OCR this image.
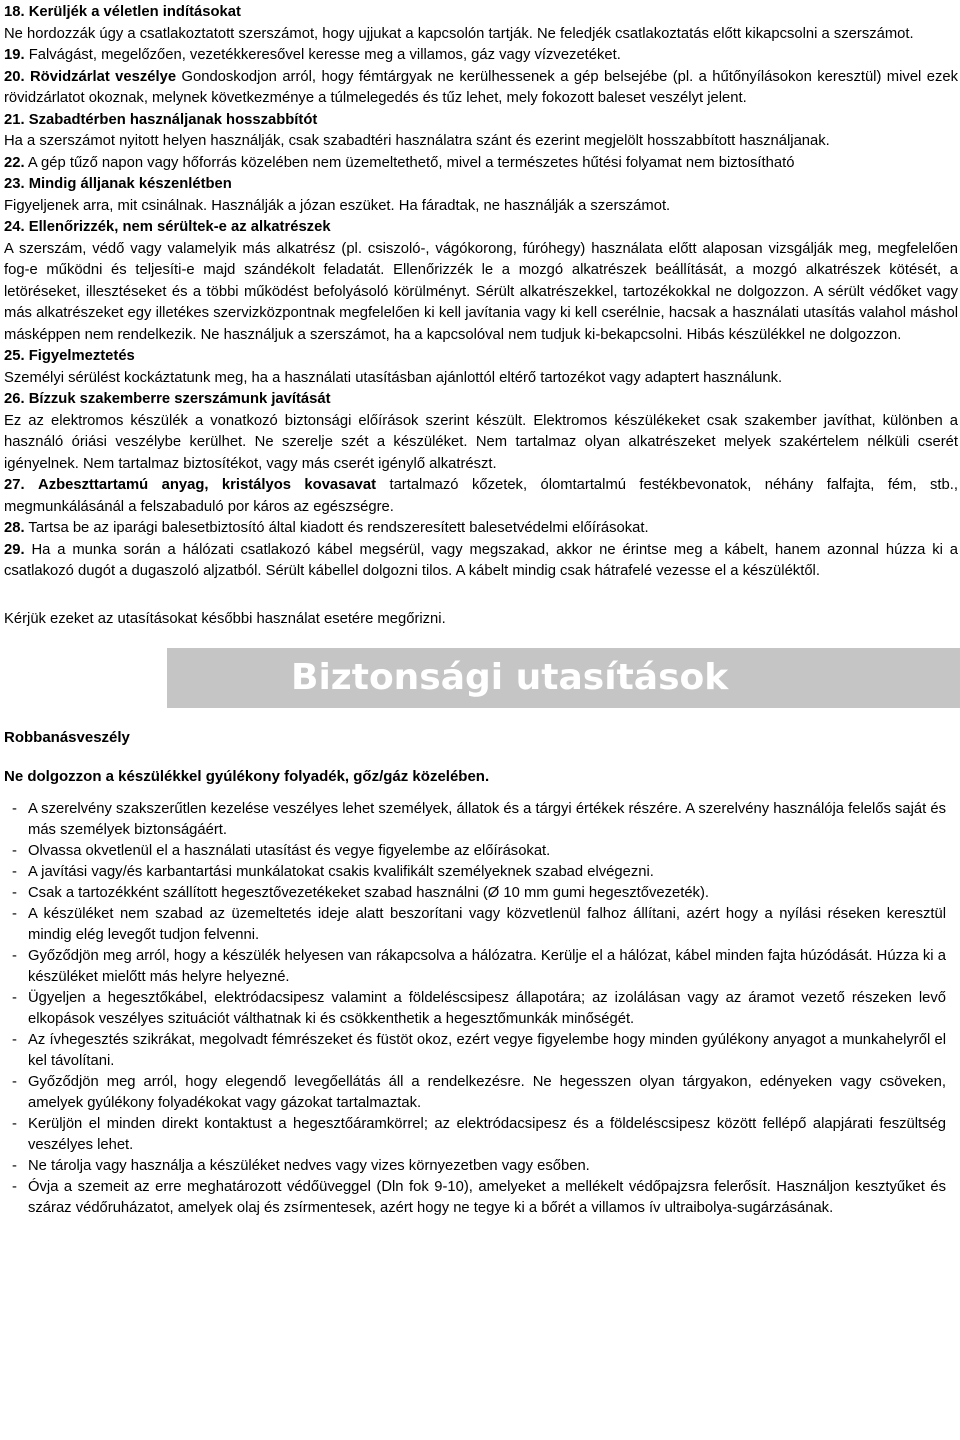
18. Kerüljék a véletlen indításokat

Ne hordozzák úgy a csatlakoztatott szerszámot, hogy ujjukat a kapcsolón tartják. Ne feledjék csatlakoztatás előtt kikapcsolni a szerszámot.

19. Falvágást, megelőzően, vezetékkeresővel keresse meg a villamos, gáz vagy vízvezetéket.

20. Rövidzárlat veszélye Gondoskodjon arról, hogy fémtárgyak ne kerülhessenek a gép belsejébe (pl. a hűtőnyílásokon keresztül) mivel ezek rövidzárlatot okoznak, melynek következménye a túlmelegedés és tűz lehet, mely fokozott baleset veszélyt jelent.

21. Szabadtérben használjanak hosszabbítót

Ha a szerszámot nyitott helyen használják, csak szabadtéri használatra szánt és ezerint megjelölt hosszabbított használjanak.

22. A gép tűző napon vagy hőforrás közelében nem üzemeltethető, mivel a természetes hűtési folyamat nem biztosítható

23. Mindig álljanak készenlétben

Figyeljenek arra, mit csinálnak. Használják a józan eszüket. Ha fáradtak, ne használják a szerszámot.

24. Ellenőrizzék, nem sérültek-e az alkatrészek

A szerszám, védő vagy valamelyik más alkatrész (pl. csiszoló-, vágókorong, fúróhegy) használata előtt alaposan vizsgálják meg, megfelelően fog-e működni és teljesíti-e majd szándékolt feladatát. Ellenőrizzék le a mozgó alkatrészek beállítását, a mozgó alkatrészek kötését, a letöréseket, illesztéseket és a többi működést befolyásoló körülményt. Sérült alkatrészekkel, tartozékokkal ne dolgozzon. A sérült védőket vagy más alkatrészeket egy illetékes szervizközpontnak megfelelően ki kell javítania vagy ki kell cserélnie, hacsak a használati utasítás valahol máshol másképpen nem rendelkezik. Ne használjuk a szerszámot, ha a kapcsolóval nem tudjuk ki-bekapcsolni. Hibás készülékkel ne dolgozzon.

25. Figyelmeztetés

Személyi sérülést kockáztatunk meg, ha a használati utasításban ajánlottól eltérő tartozékot vagy adaptert használunk.

26. Bízzuk szakemberre szerszámunk javítását

Ez az elektromos készülék a vonatkozó biztonsági előírások szerint készült. Elektromos készülékeket csak szakember javíthat, különben a használó óriási veszélybe kerülhet. Ne szerelje szét a készüléket. Nem tartalmaz olyan alkatrészeket melyek szakértelem nélküli cserét igényelnek. Nem tartalmaz biztosítékot, vagy más cserét igénylő alkatrészt.

27. Azbeszttartamú anyag, kristályos kovasavat tartalmazó kőzetek, ólomtartalmú festékbevonatok, néhány falfajta, fém, stb., megmunkálásánál a felszabaduló por káros az egészségre.

28. Tartsa be az iparági balesetbiztosító által kiadott és rendszeresített balesetvédelmi előírásokat.

29. Ha a munka során a hálózati csatlakozó kábel megsérül, vagy megszakad, akkor ne érintse meg a kábelt, hanem azonnal húzza ki a csatlakozó dugót a dugaszoló aljzatból. Sérült kábellel dolgozni tilos. A kábelt mindig csak hátrafelé vezesse el a készüléktől.

Kérjük ezeket az utasításokat későbbi használat esetére megőrizni.

Biztonsági utasítások
Robbanásveszély
Ne dolgozzon a készülékkel gyúlékony folyadék, gőz/gáz közelében.
- A szerelvény szakszerűtlen kezelése veszélyes lehet személyek, állatok és a tárgyi értékek részére. A szerelvény használója felelős saját és más személyek biztonságáért.
- Olvassa okvetlenül el a használati utasítást és vegye figyelembe az előírásokat.
- A javítási vagy/és karbantartási munkálatokat csakis kvalifikált személyeknek szabad elvégezni.
- Csak a tartozékként szállított hegesztővezetékeket szabad használni (Ø 10 mm gumi hegesztővezeték).
- A készüléket nem szabad az üzemeltetés ideje alatt beszorítani vagy közvetlenül falhoz állítani, azért hogy a nyílási réseken keresztül mindig elég levegőt tudjon felvenni.
- Győződjön meg arról, hogy a készülék helyesen van rákapcsolva a hálózatra. Kerülje el a hálózat, kábel minden fajta húzódását. Húzza ki a készüléket mielőtt más helyre helyezné.
- Ügyeljen a hegesztőkábel, elektródacsipesz valamint a földeléscsipesz állapotára; az izolálásan vagy az áramot vezető részeken levő elkopások veszélyes szituációt válthatnak ki és csökkenthetik a hegesztőmunkák minőségét.
- Az ívhegesztés szikrákat, megolvadt fémrészeket és füstöt okoz, ezért vegye figyelembe hogy minden gyúlékony anyagot a munkahelyről el kel távolítani.
- Győződjön meg arról, hogy elegendő levegőellátás áll a rendelkezésre. Ne hegesszen olyan tárgyakon, edényeken vagy csöveken, amelyek gyúlékony folyadékokat vagy gázokat tartalmaztak.
- Kerüljön el minden direkt kontaktust a hegesztőáramkörrel; az elektródacsipesz és a földeléscsipesz között fellépő alapjárati feszültség veszélyes lehet.
- Ne tárolja vagy használja a készüléket nedves vagy vizes környezetben vagy esőben.
- Óvja a szemeit az erre meghatározott védőüveggel (Dln fok 9-10), amelyeket a mellékelt védőpajzsra felerősít. Használjon kesztyűket és száraz védőruházatot, amelyek olaj és zsírmentesek, azért hogy ne tegye ki a bőrét a villamos ív ultraibolya-sugárzásának.
